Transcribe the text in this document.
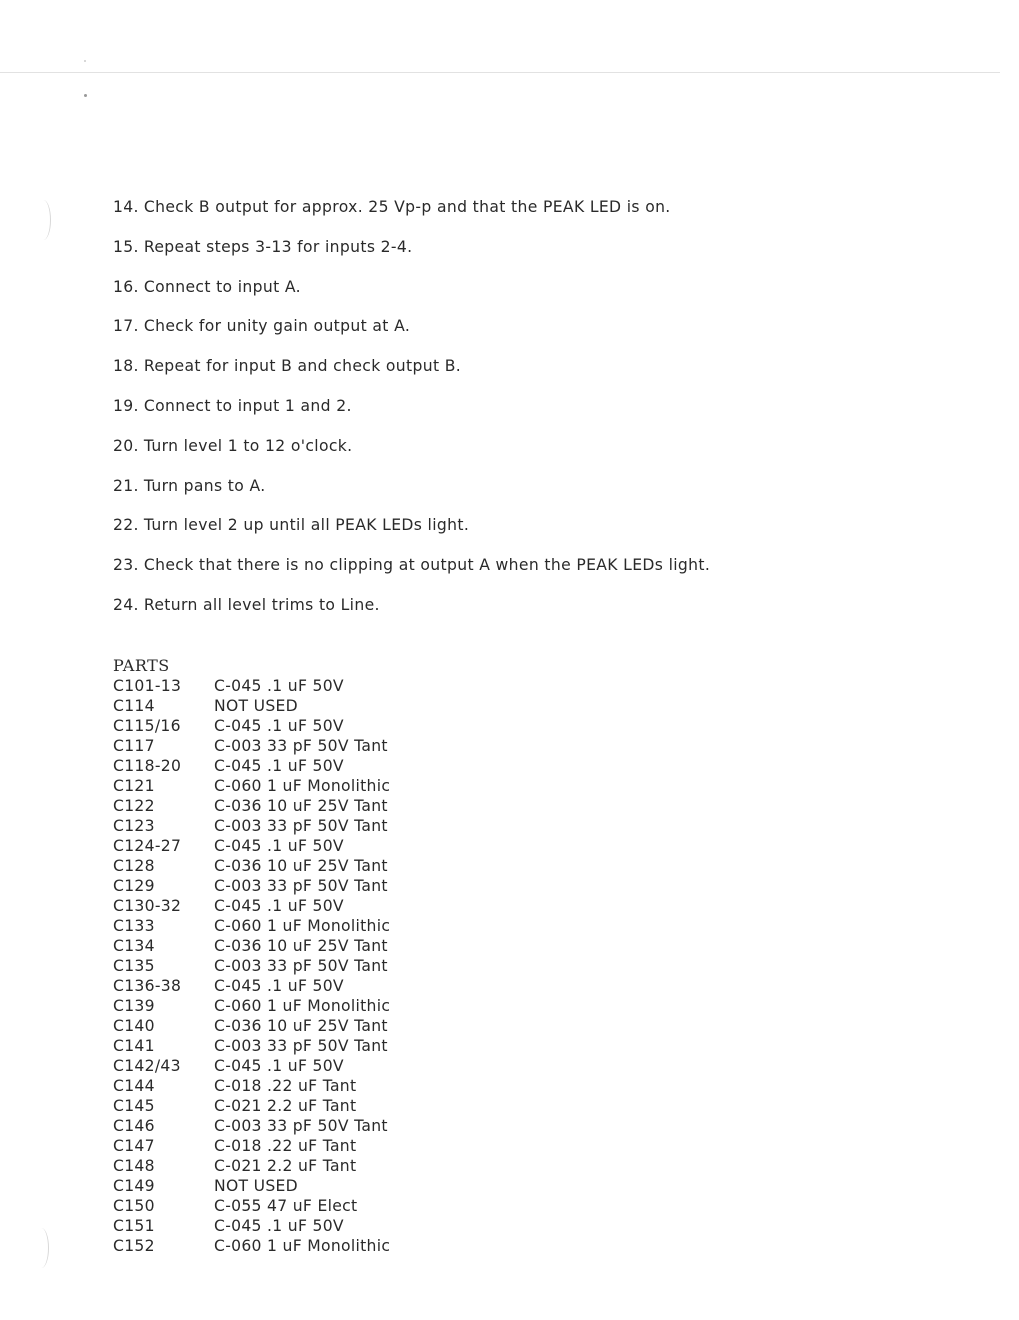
14. Check B output for approx. 25 Vp-p and that the PEAK LED is on.
15. Repeat steps 3-13 for inputs 2-4.
16. Connect to input A.
17. Check for unity gain output at A.
18. Repeat for input B and check output B.
19. Connect to input 1 and 2.
20. Turn level 1 to 12 o'clock.
21. Turn pans to A.
22. Turn level 2 up until all PEAK LEDs light.
23. Check that there is no clipping at output A when the PEAK LEDs light.
24. Return all level trims to Line.
PARTS
C101-13	C-045 .1 uF 50V
C114	NOT USED
C115/16	C-045 .1 uF 50V
C117	C-003 33 pF 50V Tant
C118-20	C-045 .1 uF 50V
C121	C-060 1 uF Monolithic
C122	C-036 10 uF 25V Tant
C123	C-003 33 pF 50V Tant
C124-27	C-045 .1 uF 50V
C128	C-036 10 uF 25V Tant
C129	C-003 33 pF 50V Tant
C130-32	C-045 .1 uF 50V
C133	C-060 1 uF Monolithic
C134	C-036 10 uF 25V Tant
C135	C-003 33 pF 50V Tant
C136-38	C-045 .1 uF 50V
C139	C-060 1 uF Monolithic
C140	C-036 10 uF 25V Tant
C141	C-003 33 pF 50V Tant
C142/43	C-045 .1 uF 50V
C144	C-018 .22 uF Tant
C145	C-021 2.2 uF Tant
C146	C-003 33 pF 50V Tant
C147	C-018 .22 uF Tant
C148	C-021 2.2 uF Tant
C149	NOT USED
C150	C-055 47 uF Elect
C151	C-045 .1 uF 50V
C152	C-060 1 uF Monolithic
